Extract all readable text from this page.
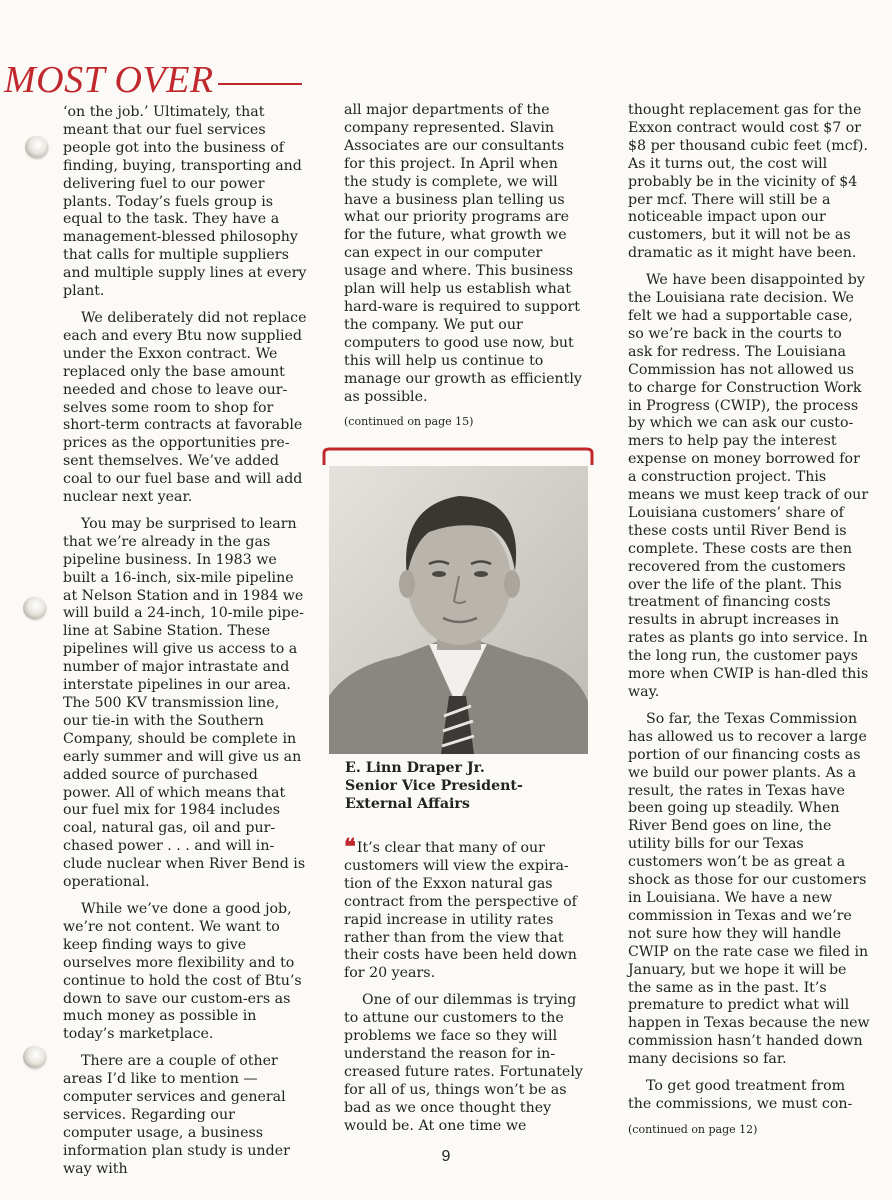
MOST OVER

‘on the job.’ Ultimately, that meant that our fuel services people got into the business of finding, buying, transporting and delivering fuel to our power plants. Today’s fuels group is equal to the task. They have a management-blessed philosophy that calls for multiple suppliers and multiple supply lines at every plant.

We deliberately did not replace each and every Btu now supplied under the Exxon contract. We replaced only the base amount needed and chose to leave our-selves some room to shop for short-term contracts at favorable prices as the opportunities pre-sent themselves. We’ve added coal to our fuel base and will add nuclear next year.

You may be surprised to learn that we’re already in the gas pipeline business. In 1983 we built a 16-inch, six-mile pipeline at Nelson Station and in 1984 we will build a 24-inch, 10-mile pipe-line at Sabine Station. These pipelines will give us access to a number of major intrastate and interstate pipelines in our area. The 500 KV transmission line, our tie-in with the Southern Company, should be complete in early summer and will give us an added source of purchased power. All of which means that our fuel mix for 1984 includes coal, natural gas, oil and pur-chased power . . . and will in-clude nuclear when River Bend is operational.

While we’ve done a good job, we’re not content. We want to keep finding ways to give ourselves more flexibility and to continue to hold the cost of Btu’s down to save our custom-ers as much money as possible in today’s marketplace.

There are a couple of other areas I’d like to mention — computer services and general services. Regarding our computer usage, a business information plan study is under way with

all major departments of the company represented. Slavin Associates are our consultants for this project. In April when the study is complete, we will have a business plan telling us what our priority programs are for the future, what growth we can expect in our computer usage and where. This business plan will help us establish what hard-ware is required to support the company. We put our computers to good use now, but this will help us continue to manage our growth as efficiently as possible.

(continued on page 15)

E. Linn Draper Jr.
Senior Vice President-External Affairs

❝It’s clear that many of our customers will view the expira-tion of the Exxon natural gas contract from the perspective of rapid increase in utility rates rather than from the view that their costs have been held down for 20 years.

One of our dilemmas is trying to attune our customers to the problems we face so they will understand the reason for in-creased future rates. Fortunately for all of us, things won’t be as bad as we once thought they would be. At one time we

thought replacement gas for the Exxon contract would cost $7 or $8 per thousand cubic feet (mcf). As it turns out, the cost will probably be in the vicinity of $4 per mcf. There will still be a noticeable impact upon our customers, but it will not be as dramatic as it might have been.

We have been disappointed by the Louisiana rate decision. We felt we had a supportable case, so we’re back in the courts to ask for redress. The Louisiana Commission has not allowed us to charge for Construction Work in Progress (CWIP), the process by which we can ask our custo-mers to help pay the interest expense on money borrowed for a construction project. This means we must keep track of our Louisiana customers’ share of these costs until River Bend is complete. These costs are then recovered from the customers over the life of the plant. This treatment of financing costs results in abrupt increases in rates as plants go into service. In the long run, the customer pays more when CWIP is han-dled this way.

So far, the Texas Commission has allowed us to recover a large portion of our financing costs as we build our power plants. As a result, the rates in Texas have been going up steadily. When River Bend goes on line, the utility bills for our Texas customers won’t be as great a shock as those for our customers in Louisiana. We have a new commission in Texas and we’re not sure how they will handle CWIP on the rate case we filed in January, but we hope it will be the same as in the past. It’s premature to predict what will happen in Texas because the new commission hasn’t handed down many decisions so far.

To get good treatment from the commissions, we must con-

(continued on page 12)

9
